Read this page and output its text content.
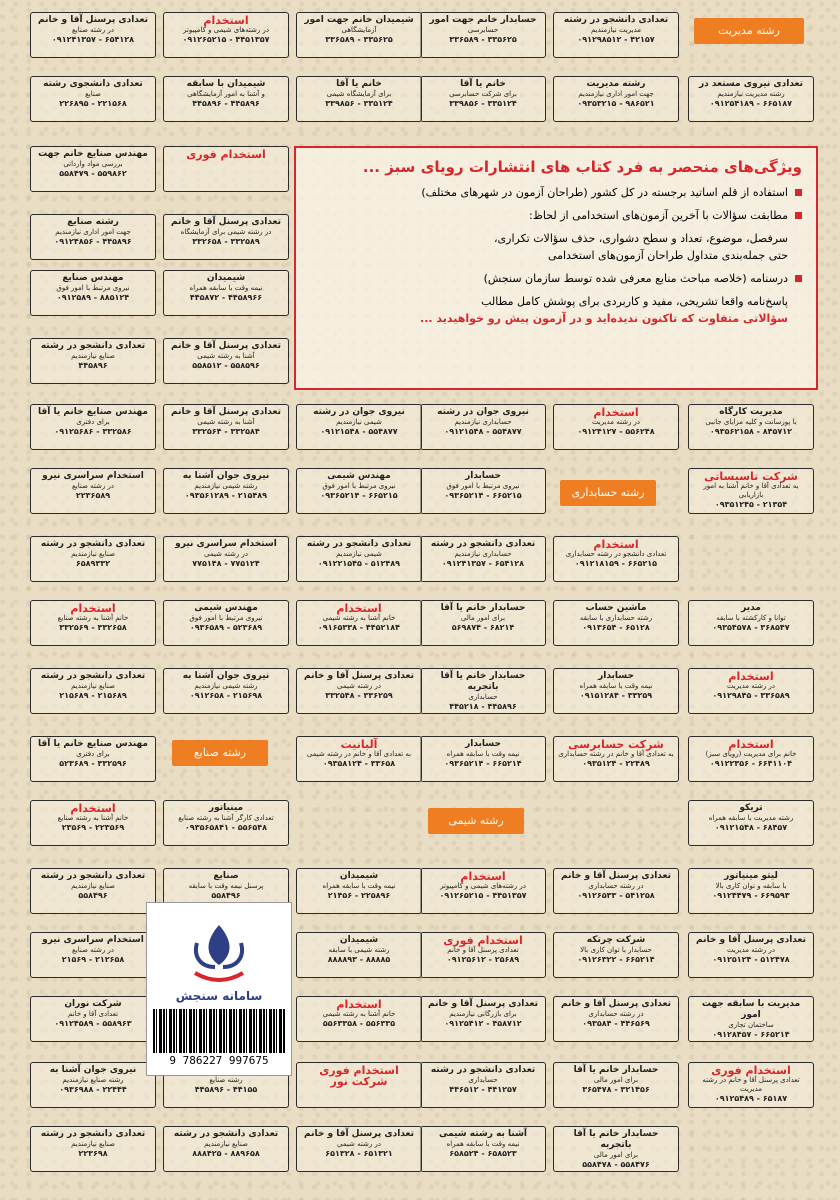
رشته مدیریت
رشته حسابداری
رشته صنایع
رشته شیمی
ویژگی‌های منحصر به فرد کتاب های انتشارات رویای سبز ...

استفاده از قلم اساتید برجسته در کل کشور (طراحان آزمون در شهرهای مختلف)

مطابقت سؤالات با آخرین آزمون‌های استخدامی از لحاظ:

سرفصل، موضوع، تعداد و سطح دشواری، حذف سؤالات تکراری،

حتی جمله‌بندی متداول طراحان آزمون‌های استخدامی

درسنامه (خلاصه مباحث منابع معرفی شده توسط سازمان سنجش)

پاسخ‌نامه واقعا تشریحی، مفید و کاربردی برای پوشش کامل مطالب

سؤالاتی متفاوت که تاکنون ندیده‌اید و در آزمون پیش رو خواهیدید ...

تعدادی دانشجو در رشته

مدیریت نیازمندیم

۰۹۱۲۹۸۵۱۲ - ۴۲۱۵۷

حسابدار خانم جهت امور

حسابرسی

۳۳۶۵۸۹ - ۳۳۵۶۲۵

شیمیدان خانم جهت امور

آزمایشگاهی

۳۳۶۵۸۹ - ۳۳۵۶۲۵

استخدام

در رشته‌های شیمی و کامپیوتر

۰۹۱۲۶۵۲۱۵ - ۴۴۵۱۳۵۷

تعدادی پرسنل آقا و خانم

در رشته صنایع

۰۹۱۲۴۱۳۵۷ - ۶۵۴۱۲۸

تعدادی نیروی مستعد در

رشته مدیریت نیازمندیم

۰۹۱۲۵۴۱۸۹ - ۶۶۵۱۸۷

رشته مدیریت

جهت امور اداری نیازمندیم

۰۹۳۵۳۲۱۵ - ۹۸۶۵۲۱

خانم یا آقا

برای شرکت حسابرسی

۳۳۹۸۵۶ - ۳۳۵۱۲۴

خانم یا آقا

برای آزمایشگاه شیمی

۳۳۹۸۵۶ - ۳۳۵۱۲۴

شیمیدان با سابقه

و آشنا به امور آزمایشگاهی

۴۴۵۸۹۶ - ۴۴۵۸۹۶

تعدادی دانشجوی رشته

صنایع

۲۲۶۸۹۵ - ۲۲۱۵۶۸

مهندس صنایع خانم جهت

بررسی مواد وارداتی

۵۵۸۴۷۹ - ۵۵۹۸۶۲

استخدام فوری

تعدادی پرسنل آقا و خانم

در رشته شیمی برای آزمایشگاه

۳۳۲۶۵۸ - ۳۳۲۵۸۹

رشته صنایع

جهت امور اداری نیازمندیم

۰۹۱۲۴۸۵۶ - ۴۴۵۸۹۶

مهندس صنایع

نیروی مرتبط با امور فوق

۰۹۱۲۵۸۹ - ۸۸۵۱۲۴

شیمیدان

نیمه وقت با سابقه همراه

۴۴۵۸۷۲ - ۴۴۵۸۹۶۶

تعدادی دانشجو در رشته

صنایع نیازمندیم

۴۴۵۸۹۶

تعدادی پرسنل آقا و خانم

آشنا به رشته شیمی

۵۵۸۵۱۲ - ۵۵۸۵۹۶

مدیریت کارگاه

با پورسانت و کلیه مزایای جانبی

۰۹۳۵۶۲۱۵۸ - ۸۴۵۷۱۲

استخدام

در رشته مدیریت

۰۹۱۲۴۱۲۷ - ۵۵۶۲۴۸

نیروی جوان در رشته

حسابداری نیازمندیم

۰۹۱۲۱۵۴۸ - ۵۵۴۸۷۷

نیروی جوان در رشته

شیمی نیازمندیم

۰۹۱۲۱۵۴۸ - ۵۵۴۸۷۷

تعدادی پرسنل آقا و خانم

آشنا به رشته شیمی

۳۳۲۵۶۴ - ۳۳۲۵۸۴

مهندس صنایع خانم یا آقا

برای دفتری

۰۹۱۲۵۶۸۶ - ۳۳۲۵۸۶

حسابدار

نیروی مرتبط با امور فوق

۰۹۳۶۵۲۱۴ - ۶۶۵۲۱۵

مهندس شیمی

نیروی مرتبط با امور فوق

۰۹۳۶۵۲۱۴ - ۶۶۵۲۱۵

نیروی جوان آشنا به

رشته شیمی نیازمندیم

۰۹۳۵۶۱۲۸۹ - ۲۱۵۴۸۹

استخدام سراسری نیرو

در رشته صنایع

۲۲۳۶۵۸۹

شرکت تاسیساتی

به تعدادی آقا و خانم آشنا به امور بازاریابی

۰۹۳۵۱۲۴۵ - ۲۱۳۵۴

استخدام

تعدادی دانشجو در رشته حسابداری

۰۹۱۲۱۸۱۵۹ - ۶۶۵۲۱۵

تعدادی دانشجو در رشته

حسابداری نیازمندیم

۰۹۱۲۴۱۳۵۷ - ۶۵۴۱۲۸

تعدادی دانشجو در رشته

شیمی نیازمندیم

۰۹۱۲۲۱۵۴۵ - ۵۱۲۴۸۹

استخدام سراسری نیرو

در رشته شیمی

۷۷۵۱۴۸ - ۷۷۵۱۲۴

تعدادی دانشجو در رشته

صنایع نیازمندیم

۶۵۸۹۳۳۲

مدیر

توانا و کارکشته با سابقه

۰۹۳۵۴۵۷۸ - ۳۶۸۵۴۷

ماشین حساب

رشته حسابداری با سابقه

۰۹۱۳۶۵۴ - ۶۵۱۲۸

حسابدار خانم یا آقا

برای امور مالی

۵۶۹۸۷۴ - ۶۸۲۱۴

استخدام

خانم آشنا به رشته شیمی

۰۹۱۶۵۳۳۸ - ۴۴۵۲۱۸۴

مهندس شیمی

نیروی مرتبط با امور فوق

۰۹۳۶۵۸۹ - ۵۲۳۶۸۹

استخدام

خانم آشنا به رشته صنایع

۳۳۲۵۶۹ - ۳۳۲۶۵۸

استخدام

در رشته مدیریت

۰۹۱۲۹۸۴۵ - ۳۳۶۵۸۹

حسابدار

نیمه وقت با سابقه همراه

۰۹۱۵۱۲۸۴ - ۳۳۲۵۹

حسابدار خانم یا آقا باتجربه

حسابداری

۴۴۵۲۱۸ - ۴۴۵۸۹۶

تعدادی پرسنل آقا و خانم

در رشته شیمی

۳۳۲۵۴۸ - ۳۳۶۲۵۹

نیروی جوان آشنا به

رشته شیمی نیازمندیم

۰۹۱۲۶۵۸ - ۲۱۵۶۹۸

تعدادی دانشجو در رشته

صنایع نیازمندیم

۲۱۵۶۸۹ - ۲۱۵۶۸۹

استخدام

خانم برای مدیریت (رویای سبز)

۰۹۱۲۲۳۵۶ - ۶۶۴۱۱۰۴

شرکت حسابرسی

به تعدادی آقا و خانم در رشته حسابداری

۰۹۳۵۱۲۴ - ۲۲۴۸۹

حسابدار

نیمه وقت با سابقه همراه

۰۹۳۶۵۲۱۴ - ۶۶۵۲۱۴

آلبانیت

به تعدادی آقا و خانم در رشته شیمی

۰۹۳۵۸۱۲۴ - ۳۳۶۵۸

مهندس صنایع خانم یا آقا

برای دفتری

۵۲۳۶۸۹ - ۳۳۲۵۹۶

تریکو

رشته مدیریت با سابقه همراه

۰۹۱۲۱۵۴۸ - ۶۸۴۵۷

مینیاتور

تعدادی کارگر آشنا به رشته صنایع

۰۹۳۵۶۵۸۴۱ - ۵۵۶۵۴۸

استخدام

خانم آشنا به رشته صنایع

۲۳۵۶۹ - ۲۲۳۵۶۹

لیتو مینیاتور

با سابقه و توان کاری بالا

۰۹۱۲۴۴۷۹ - ۶۶۹۵۹۳

تعدادی پرسنل آقا و خانم

در رشته حسابداری

۰۹۱۲۶۵۳۳ - ۵۴۱۲۵۸

استخدام

در رشته‌های شیمی و کامپیوتر

۰۹۱۲۶۵۲۱۵ - ۴۴۵۱۳۵۷

شیمیدان

نیمه وقت با سابقه همراه

۲۱۴۵۶ - ۲۲۵۸۹۶

صنایع

پرسنل نیمه وقت با سابقه

۵۵۸۴۹۶

تعدادی دانشجو در رشته

صنایع نیازمندیم

۵۵۸۴۹۶

تعدادی پرسنل آقا و خانم

در رشته مدیریت

۰۹۱۲۵۱۲۴ - ۵۱۲۴۷۸

شرکت چرتکه

حسابدار با توان کاری بالا

۰۹۱۲۶۳۲۲ - ۶۶۵۲۱۴

استخدام فوری

تعدادی پرسنل آقا و خانم

۰۹۱۲۵۶۱۲ - ۲۵۶۸۹

شیمیدان

رشته شیمی با سابقه

۸۸۸۸۹۳ - ۸۸۸۸۵

استخدام سراسری نیرو

در رشته صنایع

۲۱۵۶۹ - ۲۱۲۶۵۸

مدیریت با سابقه جهت امور

ساختمان تجاری

۰۹۱۲۸۴۵۷ - ۶۶۵۲۱۴

تعدادی پرسنل آقا و خانم

در رشته حسابداری

۰۹۳۵۸۴ - ۴۴۶۵۶۹

تعدادی پرسنل آقا و خانم

برای بازرگانی نیازمندیم

۰۹۱۲۵۴۱۲ - ۴۵۸۷۱۲

استخدام

خانم آشنا به رشته شیمی

۵۵۶۳۳۵۸ - ۵۵۶۳۳۵

شرکت نوران

تعدادی آقا و خانم

۰۹۱۲۴۵۸۹ - ۵۵۸۹۶۳

استخدام فوری

تعدادی پرسنل آقا و خانم در رشته مدیریت

۰۹۱۲۵۴۸۹ - ۶۵۱۸۷

حسابدار خانم یا آقا

برای امور مالی

۳۶۵۴۷۸ - ۳۲۱۴۵۶

تعدادی دانشجو در رشته

حسابداری

۴۴۶۵۱۲ - ۴۴۱۲۵۷

استخدام فوری شرکت نور

رشته صنایع

۴۴۵۸۹۶ - ۴۴۱۵۵

نیروی جوان آشنا به

رشته صنایع نیازمندیم

۰۹۳۶۹۸۸ - ۲۲۴۴۴

حسابدار خانم یا آقا باتجربه

برای امور مالی

۵۵۸۴۷۸ - ۵۵۸۴۷۶

آشنا به رشته شیمی

نیمه وقت با سابقه همراه

۶۵۸۵۲۴ - ۶۵۸۵۲۳

تعدادی پرسنل آقا و خانم

در رشته شیمی

۶۵۱۳۲۸ - ۶۵۱۳۲۱

تعدادی دانشجو در رشته

صنایع نیازمندیم

۸۸۸۴۲۵ - ۸۸۹۶۵۸

تعدادی دانشجو در رشته

صنایع نیازمندیم

۲۲۳۶۹۸

سامانه سنجش
9 786227 997675
